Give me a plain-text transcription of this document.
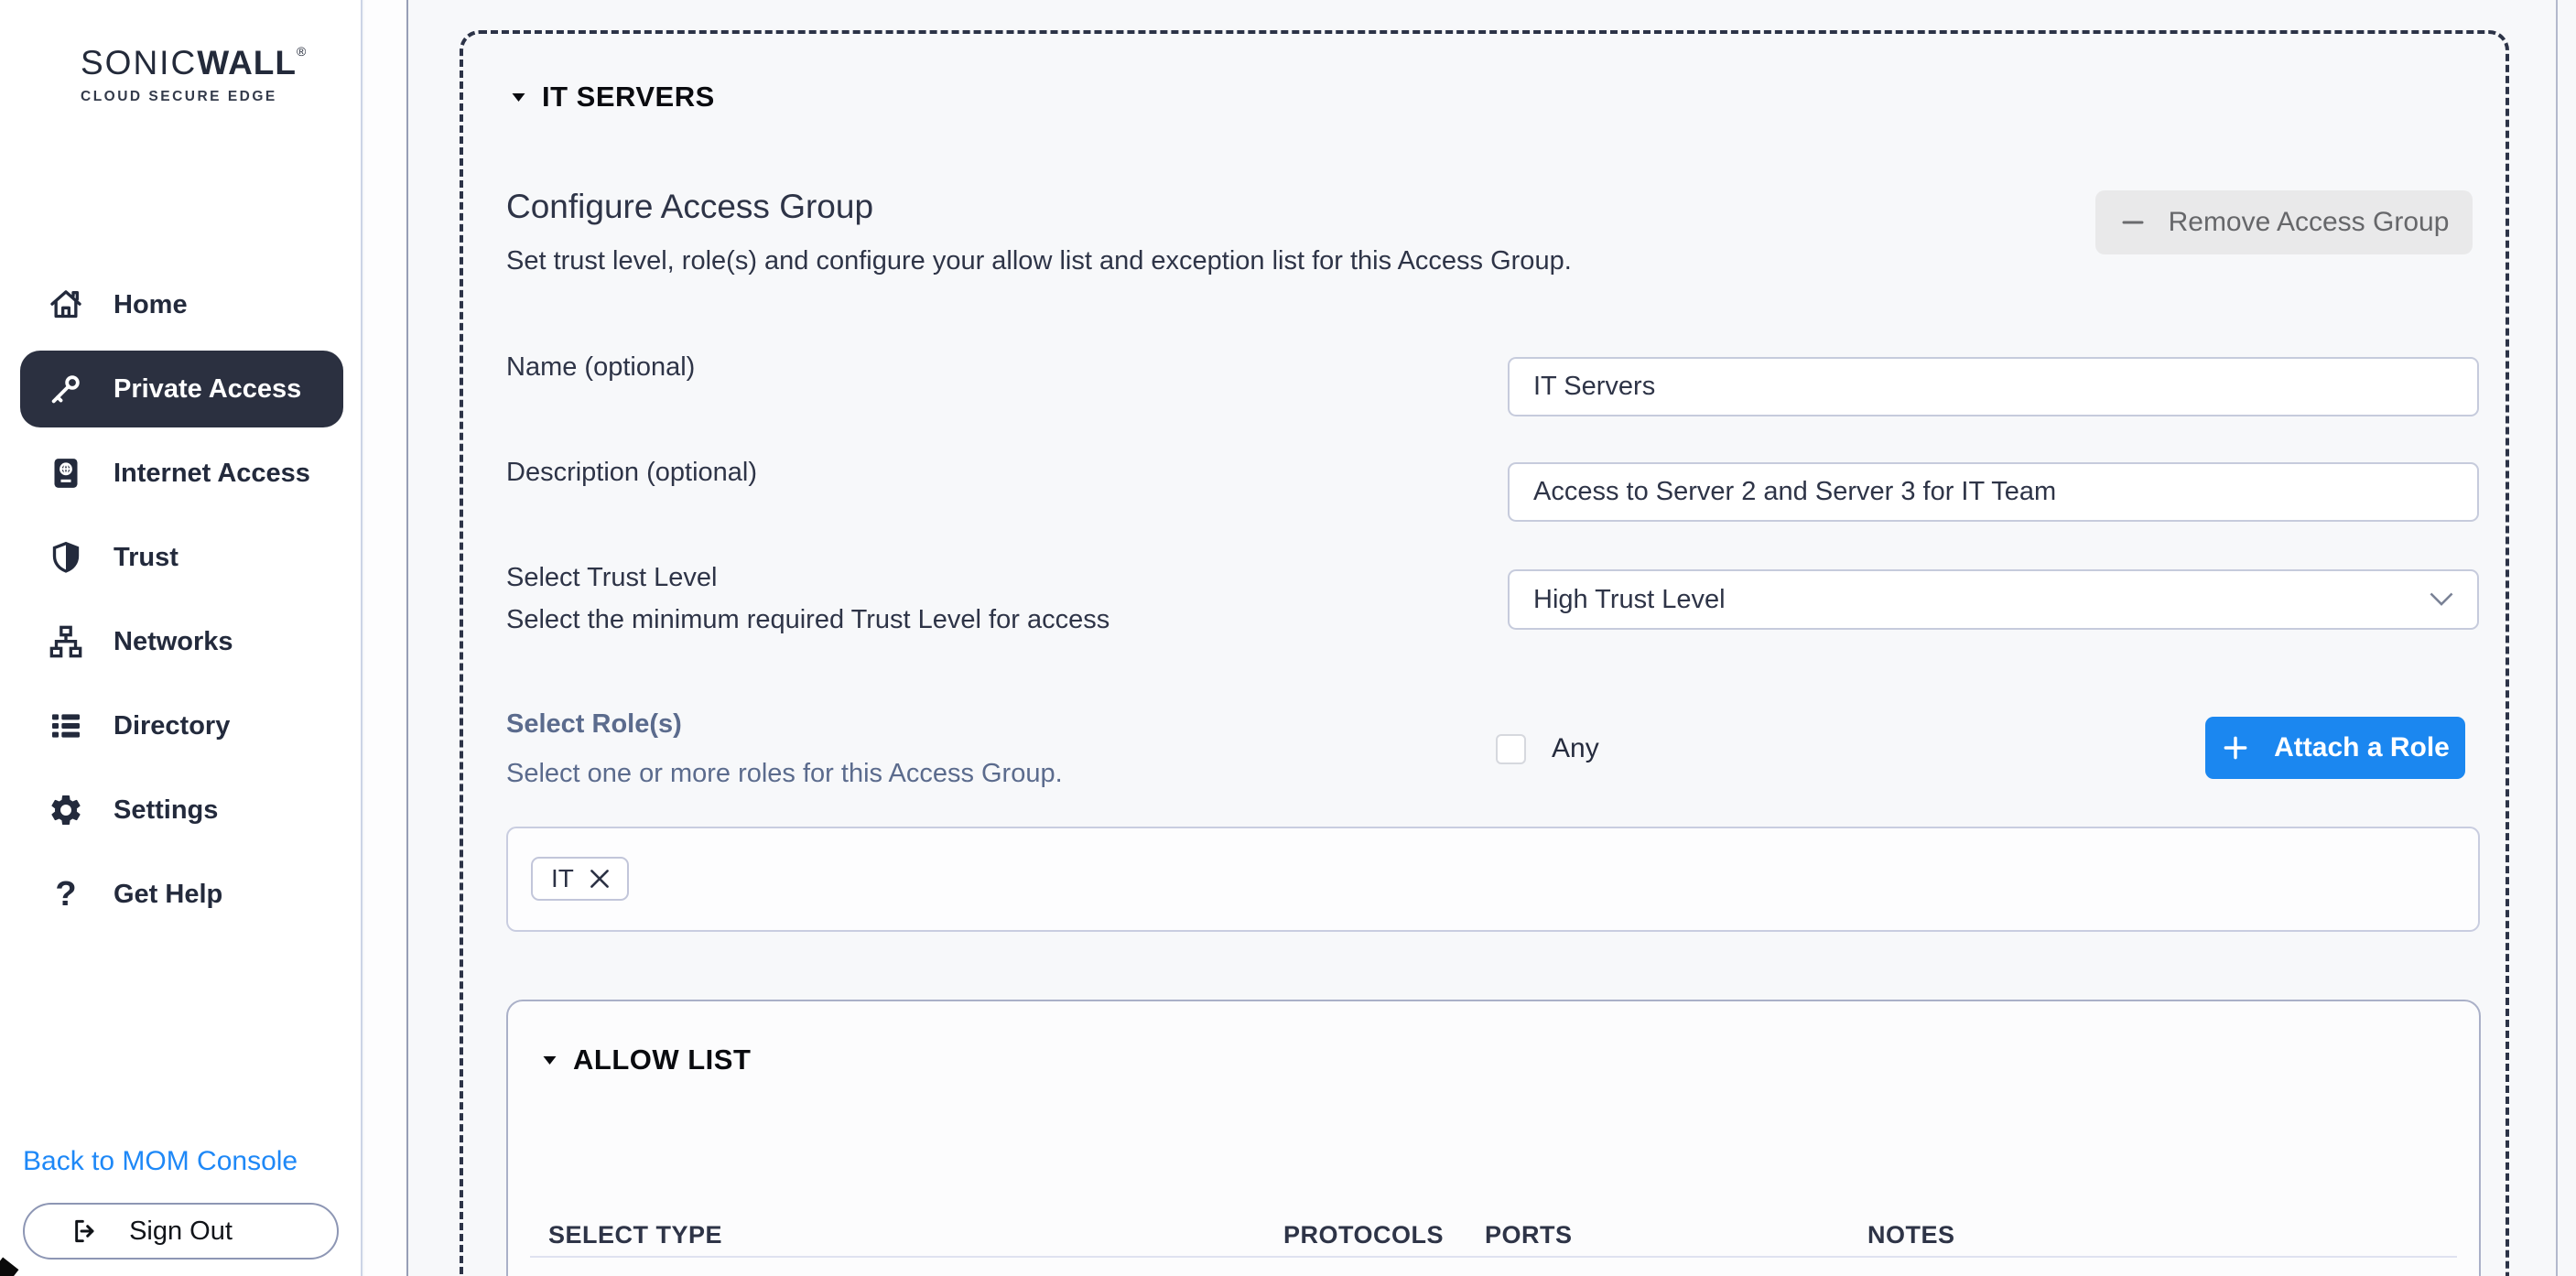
SONICWALL®
CLOUD SECURE EDGE
Home
Private Access
Internet Access
Trust
Networks
Directory
Settings
? Get Help
Back to MOM Console
Sign Out
IT SERVERS
Configure Access Group

Set trust level, role(s) and configure your allow list and exception list for this Access Group.

Remove Access Group
Name (optional)
IT Servers
Description (optional)
Access to Server 2 and Server 3 for IT Team
Select Trust Level
Select the minimum required Trust Level for access
High Trust Level
Select Role(s)
Select one or more roles for this Access Group.
Any	Attach a Role
IT
ALLOW LIST
SELECT TYPE	PROTOCOLS PORTS	NOTES
